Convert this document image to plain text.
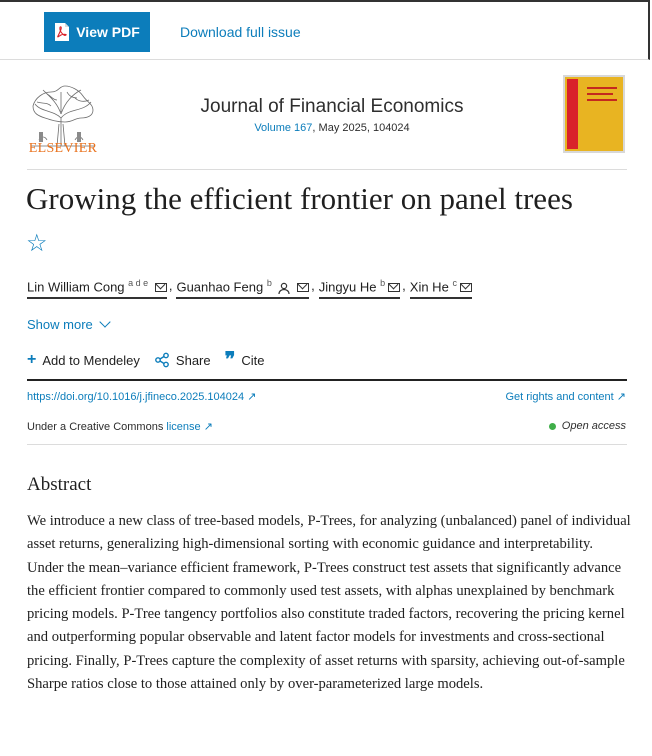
View PDF	Download full issue
ELSEVIER
Journal of Financial Economics
Volume 167, May 2025, 104024
Growing the efficient frontier on panel trees ☆
Lin William Cong $^{a d e}$	, Guanhao Feng $^b$	, Jingyu He $^b$	, Xin He $^c$
Show more
+ Add to Mendeley	Share ❞ Cite
https://doi.org/10.1016/j.jfineco.2025.104024 ↗	Get rights and content ↗
Under a Creative Commons license ↗	Open access
Abstract

We introduce a new class of tree-based models, P-Trees, for analyzing (unbalanced) panel of individual asset returns, generalizing high-dimensional sorting with economic guidance and interpretability. Under the mean–variance efficient framework, P-Trees construct test assets that significantly advance the efficient frontier compared to commonly used test assets, with alphas unexplained by benchmark pricing models. P-Tree tangency portfolios also constitute traded factors, recovering the pricing kernel and outperforming popular observable and latent factor models for investments and cross-sectional pricing. Finally, P-Trees capture the complexity of asset returns with sparsity, achieving out-of-sample Sharpe ratios close to those attained only by over-parameterized large models.
